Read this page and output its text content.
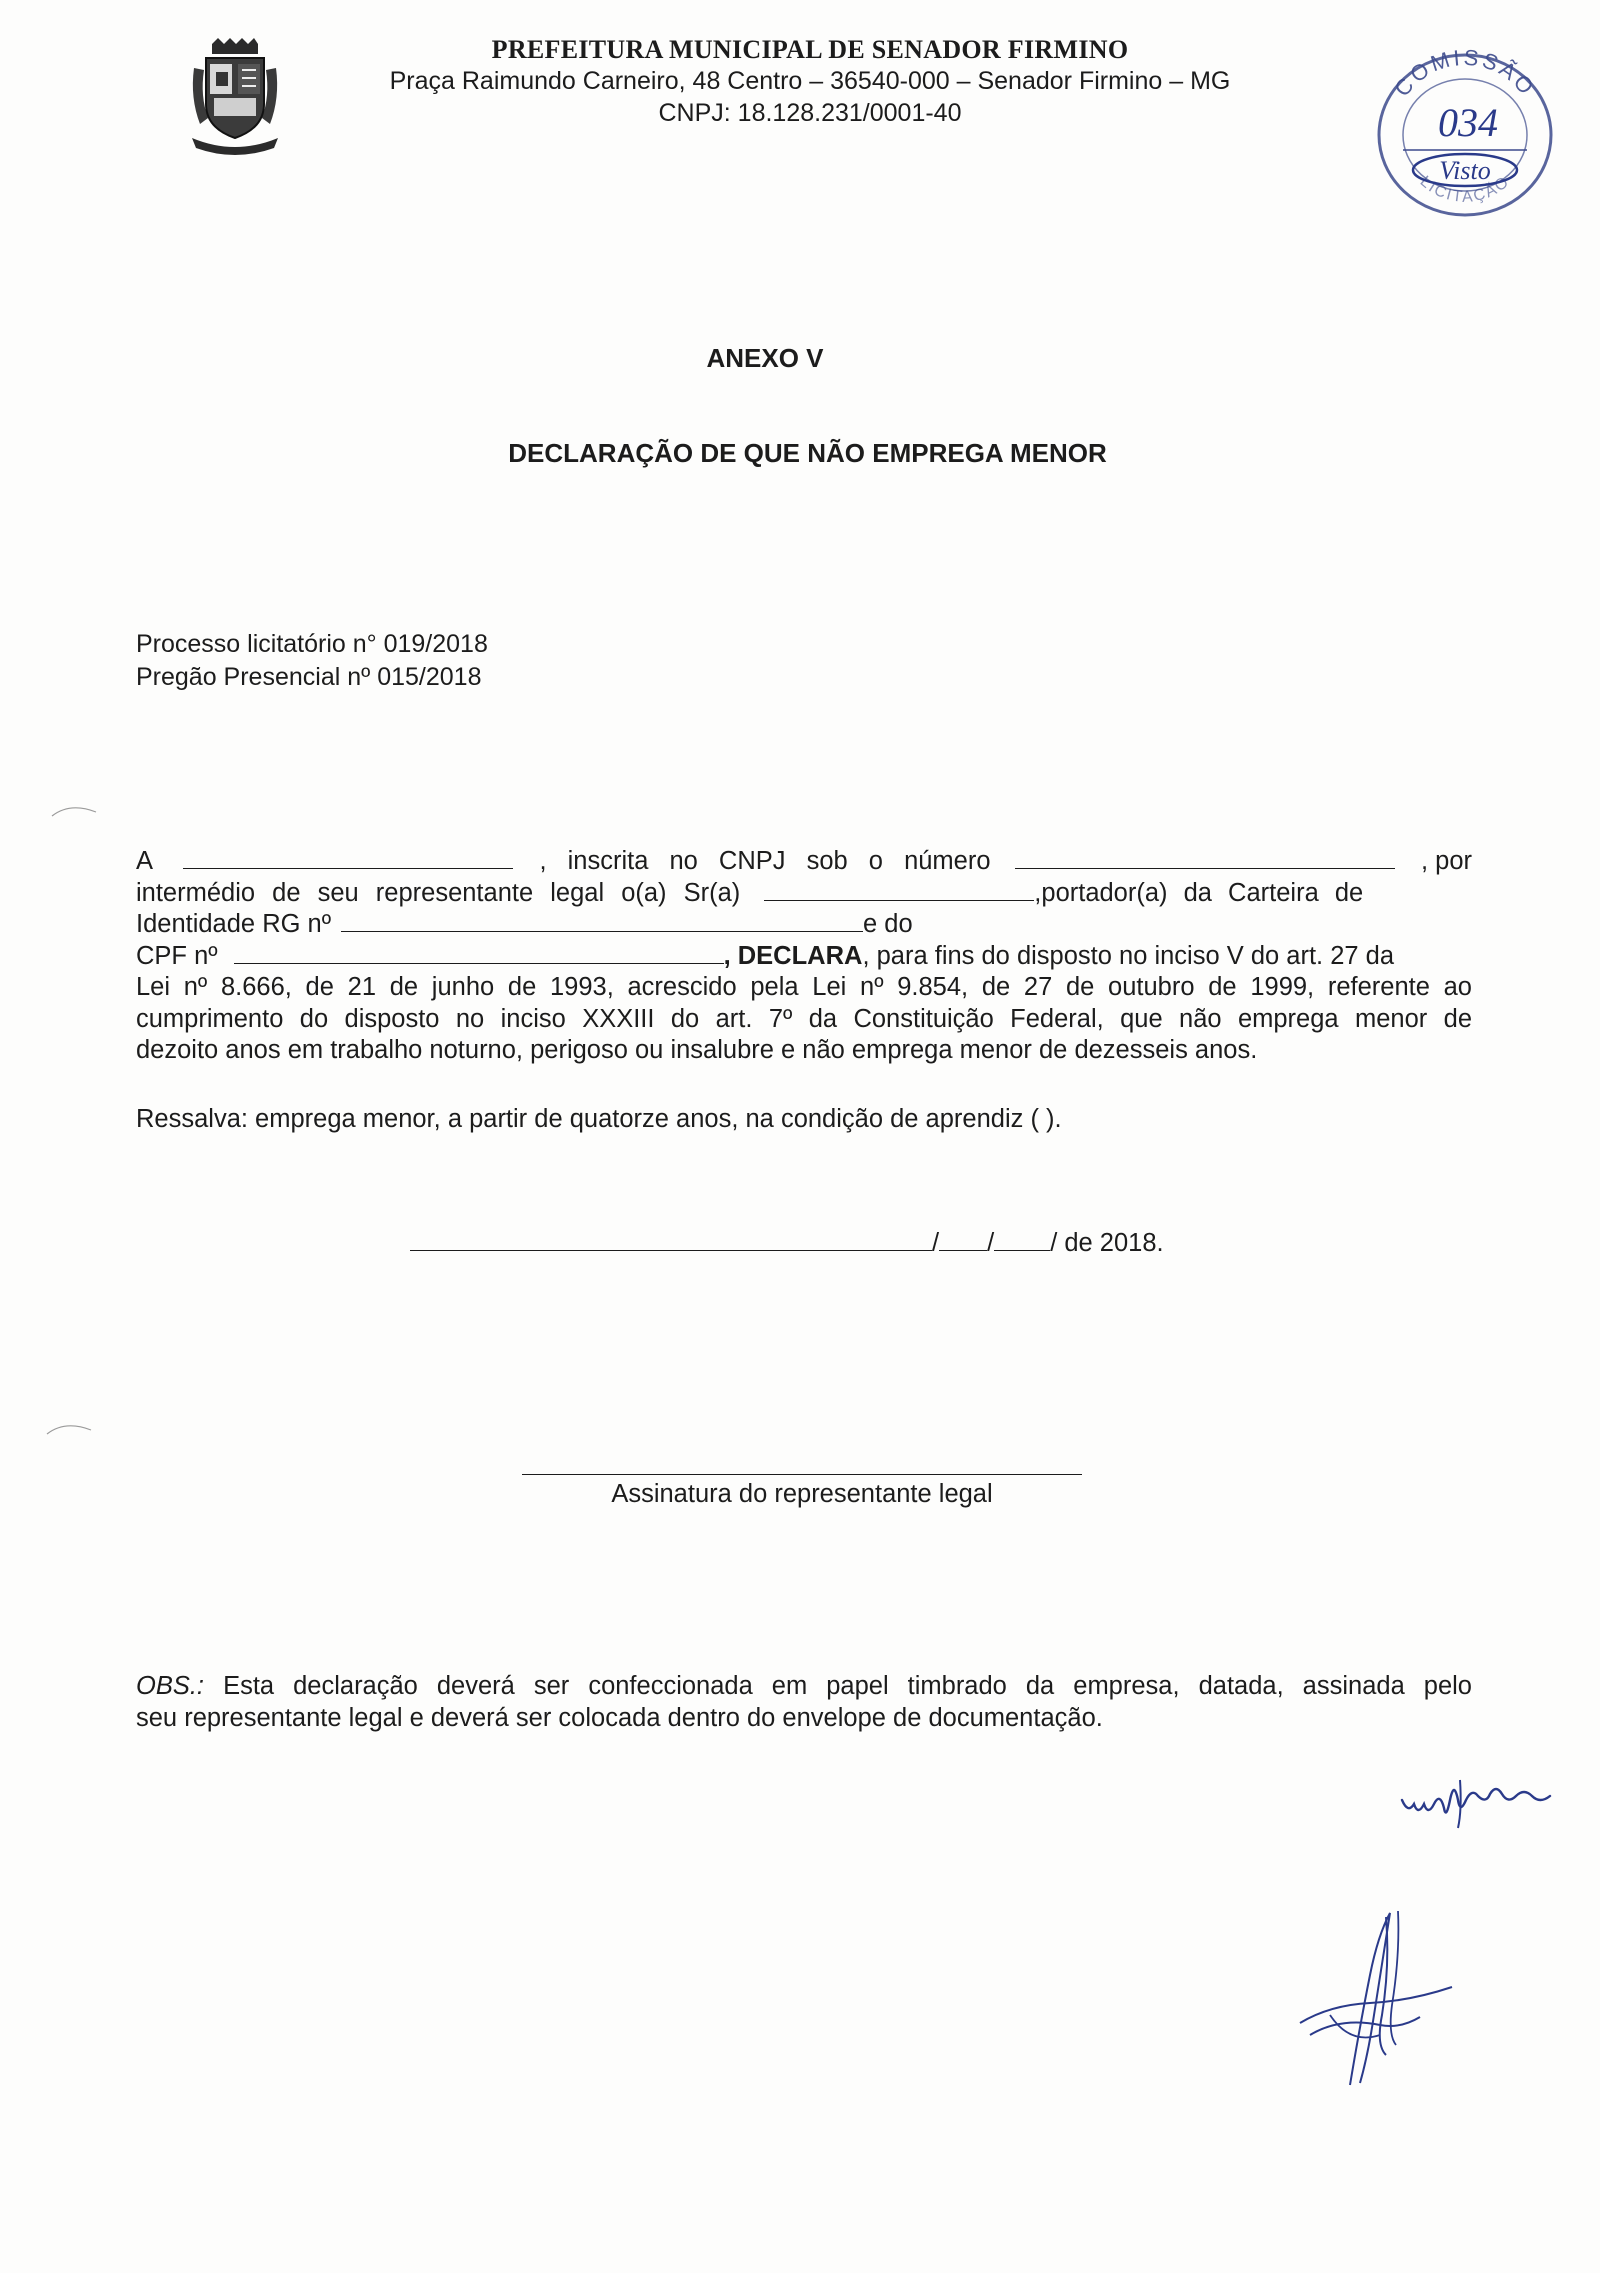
PREFEITURA MUNICIPAL DE SENADOR FIRMINO
Praça Raimundo Carneiro, 48 Centro – 36540-000 – Senador Firmino – MG
CNPJ: 18.128.231/0001-40
COMISSÃO
LICITAÇÃO
034
Visto
ANEXO V
DECLARAÇÃO DE QUE NÃO EMPREGA MENOR
Processo licitatório n° 019/2018
Pregão Presencial nº 015/2018
A	, inscrita no CNPJ sob o número	, por
intermédio de seu representante legal o(a) Sr(a)	,portador(a) da Carteira de
Identidade RG nº	e do
CPF nº	, DECLARA , para fins do disposto no inciso V do art. 27 da

Lei nº 8.666, de 21 de junho de 1993, acrescido pela Lei nº 9.854, de 27 de outubro de 1999, referente ao

cumprimento do disposto no inciso XXXIII do art. 7º da Constituição Federal, que não emprega menor de

dezoito anos em trabalho noturno, perigoso ou insalubre e não emprega menor de dezesseis anos.

Ressalva: emprega menor, a partir de quatorze anos, na condição de aprendiz ( ).
/ / / de 2018.
Assinatura do representante legal

OBS.: Esta declaração deverá ser confeccionada em papel timbrado da empresa, datada, assinada pelo

seu representante legal e deverá ser colocada dentro do envelope de documentação.
